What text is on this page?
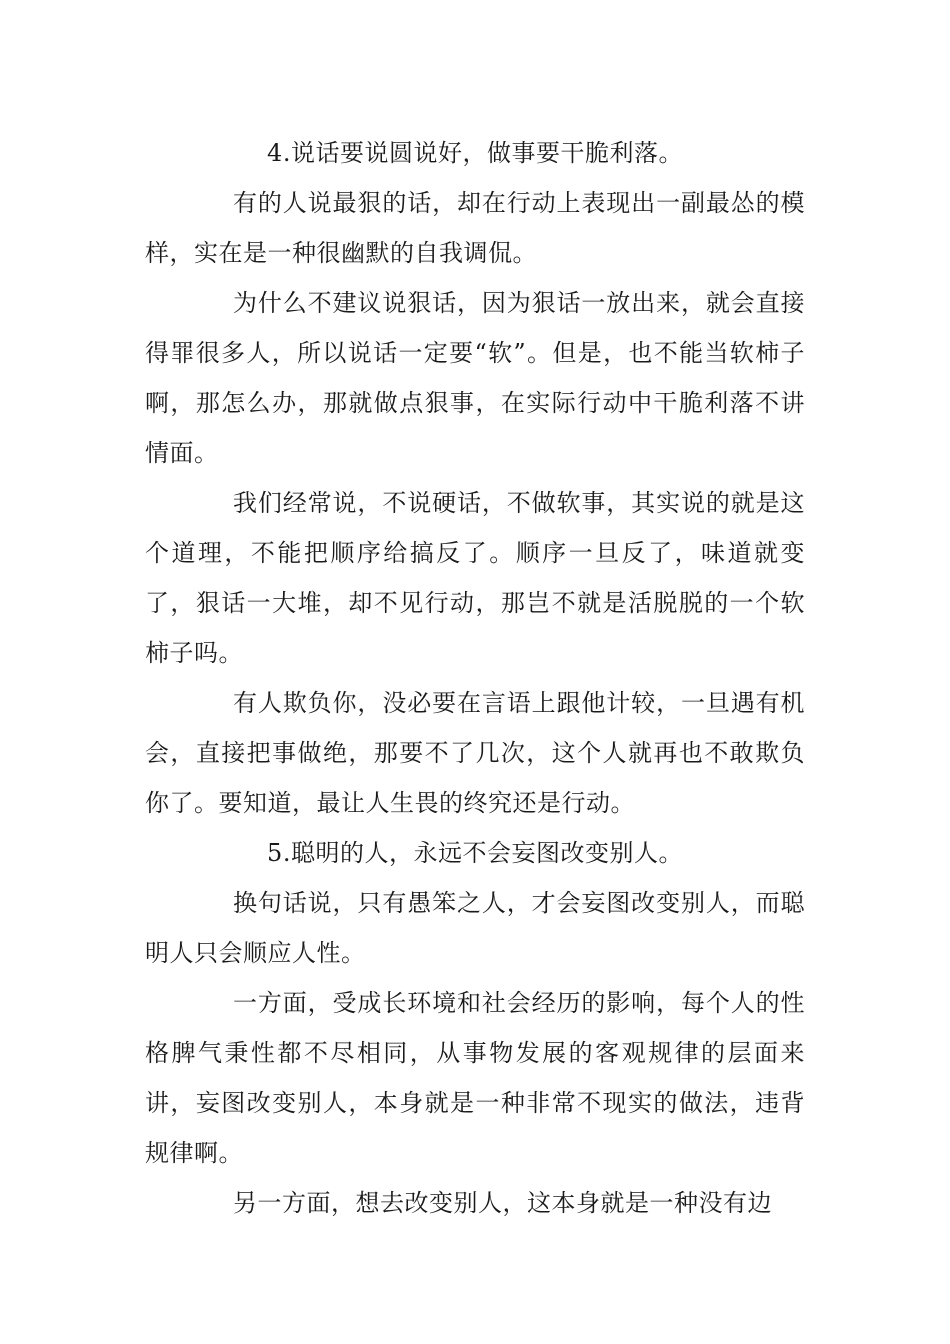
4.说话要说圆说好，做事要干脆利落。

有的人说最狠的话，却在行动上表现出一副最怂的模样，实在是一种很幽默的自我调侃。

为什么不建议说狠话，因为狠话一放出来，就会直接得罪很多人，所以说话一定要“软”。但是，也不能当软柿子啊，那怎么办，那就做点狠事，在实际行动中干脆利落不讲情面。

我们经常说，不说硬话，不做软事，其实说的就是这个道理，不能把顺序给搞反了。顺序一旦反了，味道就变了，狠话一大堆，却不见行动，那岂不就是活脱脱的一个软柿子吗。

有人欺负你，没必要在言语上跟他计较，一旦遇有机会，直接把事做绝，那要不了几次，这个人就再也不敢欺负你了。要知道，最让人生畏的终究还是行动。

5.聪明的人，永远不会妄图改变别人。

换句话说，只有愚笨之人，才会妄图改变别人，而聪明人只会顺应人性。

一方面，受成长环境和社会经历的影响，每个人的性格脾气秉性都不尽相同，从事物发展的客观规律的层面来讲，妄图改变别人，本身就是一种非常不现实的做法，违背规律啊。

另一方面，想去改变别人，这本身就是一种没有边
